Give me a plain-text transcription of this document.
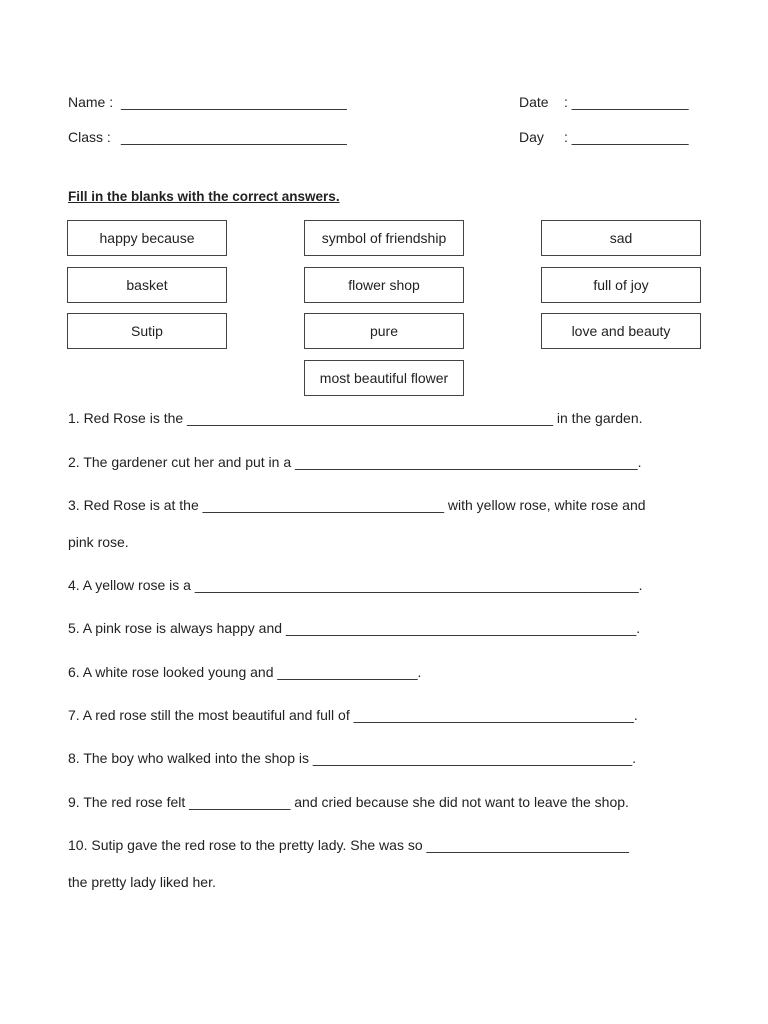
Name : _____________________________	Date : _______________
Class : _____________________________	Day : _______________
Fill in the blanks with the correct answers.
happy because	symbol of friendship	sad
basket	flower shop	full of joy
Sutip	pure	love and beauty
most beautiful flower
1. Red Rose is the _______________________________________________ in the garden.
2. The gardener cut her and put in a ____________________________________________.
3. Red Rose is at the _______________________________ with yellow rose, white rose and
pink rose.
4. A yellow rose is a _________________________________________________________.
5. A pink rose is always happy and _____________________________________________.
6. A white rose looked young and __________________.
7. A red rose still the most beautiful and full of ____________________________________.
8. The boy who walked into the shop is _________________________________________.
9. The red rose felt _____________ and cried because she did not want to leave the shop.
10. Sutip gave the red rose to the pretty lady. She was so __________________________
the pretty lady liked her.
